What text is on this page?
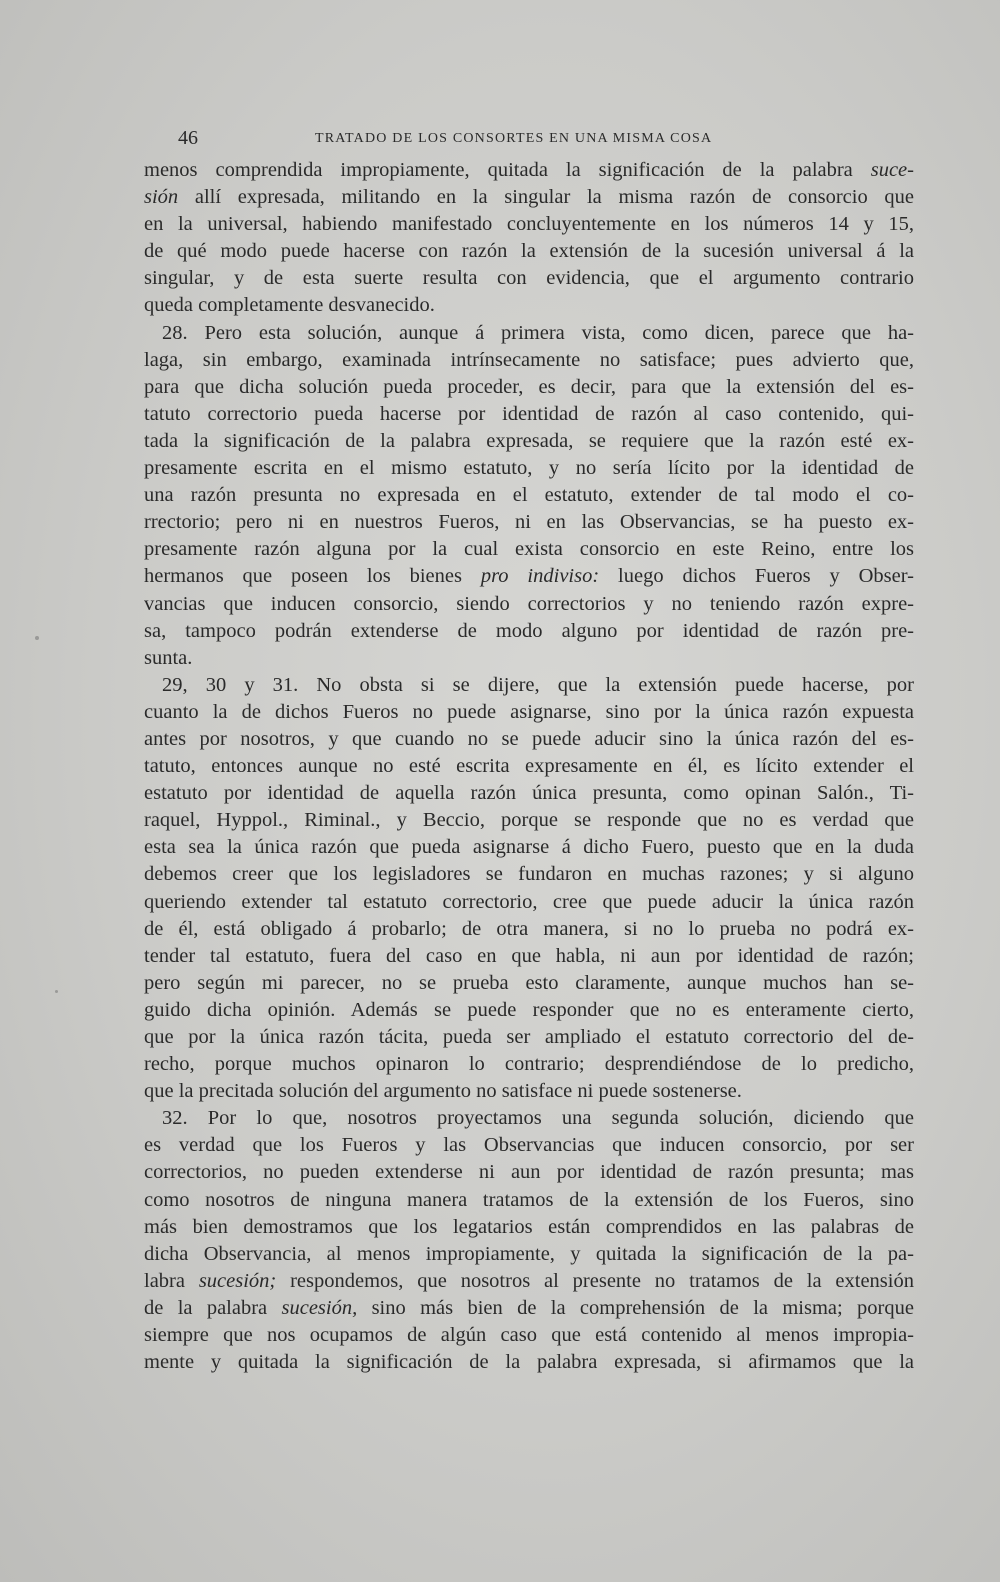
46	TRATADO DE LOS CONSORTES EN UNA MISMA COSA
menos comprendida impropiamente, quitada la significación de la palabra suce-
sión allí expresada, militando en la singular la misma razón de consorcio que
en la universal, habiendo manifestado concluyentemente en los números 14 y 15,
de qué modo puede hacerse con razón la extensión de la sucesión universal á la
singular, y de esta suerte resulta con evidencia, que el argumento contrario
queda completamente desvanecido.
28. Pero esta solución, aunque á primera vista, como dicen, parece que ha-
laga, sin embargo, examinada intrínsecamente no satisface; pues advierto que,
para que dicha solución pueda proceder, es decir, para que la extensión del es-
tatuto correctorio pueda hacerse por identidad de razón al caso contenido, qui-
tada la significación de la palabra expresada, se requiere que la razón esté ex-
presamente escrita en el mismo estatuto, y no sería lícito por la identidad de
una razón presunta no expresada en el estatuto, extender de tal modo el co-
rrectorio; pero ni en nuestros Fueros, ni en las Observancias, se ha puesto ex-
presamente razón alguna por la cual exista consorcio en este Reino, entre los
hermanos que poseen los bienes pro indiviso: luego dichos Fueros y Obser-
vancias que inducen consorcio, siendo correctorios y no teniendo razón expre-
sa, tampoco podrán extenderse de modo alguno por identidad de razón pre-
sunta.
29, 30 y 31. No obsta si se dijere, que la extensión puede hacerse, por
cuanto la de dichos Fueros no puede asignarse, sino por la única razón expuesta
antes por nosotros, y que cuando no se puede aducir sino la única razón del es-
tatuto, entonces aunque no esté escrita expresamente en él, es lícito extender el
estatuto por identidad de aquella razón única presunta, como opinan Salón., Ti-
raquel, Hyppol., Riminal., y Beccio, porque se responde que no es verdad que
esta sea la única razón que pueda asignarse á dicho Fuero, puesto que en la duda
debemos creer que los legisladores se fundaron en muchas razones; y si alguno
queriendo extender tal estatuto correctorio, cree que puede aducir la única razón
de él, está obligado á probarlo; de otra manera, si no lo prueba no podrá ex-
tender tal estatuto, fuera del caso en que habla, ni aun por identidad de razón;
pero según mi parecer, no se prueba esto claramente, aunque muchos han se-
guido dicha opinión. Además se puede responder que no es enteramente cierto,
que por la única razón tácita, pueda ser ampliado el estatuto correctorio del de-
recho, porque muchos opinaron lo contrario; desprendiéndose de lo predicho,
que la precitada solución del argumento no satisface ni puede sostenerse.
32. Por lo que, nosotros proyectamos una segunda solución, diciendo que
es verdad que los Fueros y las Observancias que inducen consorcio, por ser
correctorios, no pueden extenderse ni aun por identidad de razón presunta; mas
como nosotros de ninguna manera tratamos de la extensión de los Fueros, sino
más bien demostramos que los legatarios están comprendidos en las palabras de
dicha Observancia, al menos impropiamente, y quitada la significación de la pa-
labra sucesión; respondemos, que nosotros al presente no tratamos de la extensión
de la palabra sucesión, sino más bien de la comprehensión de la misma; porque
siempre que nos ocupamos de algún caso que está contenido al menos impropia-
mente y quitada la significación de la palabra expresada, si afirmamos que la
